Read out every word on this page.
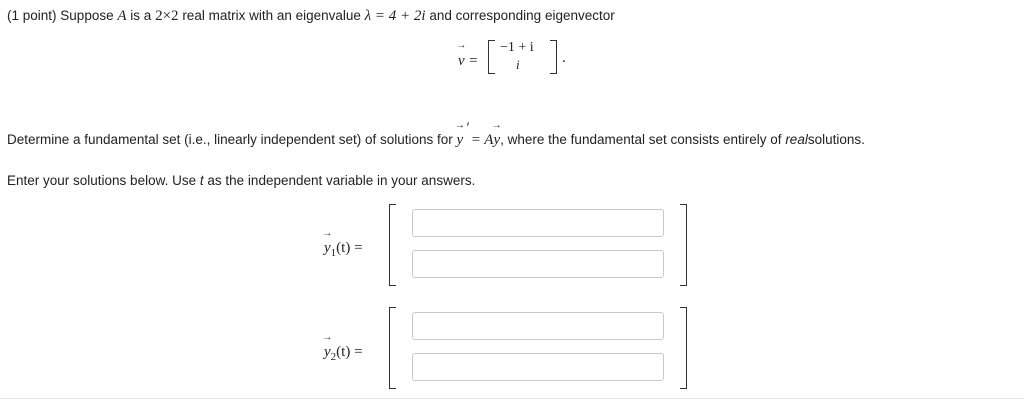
(1 point) Suppose A is a 2×2 real matrix with an eigenvalue λ = 4 + 2i and corresponding eigenvector
→
v =
−1 + i
i	.
Determine a fundamental set (i.e., linearly independent set) of solutions for
→
y
′
= A
→
y, where the fundamental set consists entirely of realsolutions.
Enter your solutions below. Use t as the independent variable in your answers.
→
$y_1(t)$ =
→
$y_2(t)$ =
